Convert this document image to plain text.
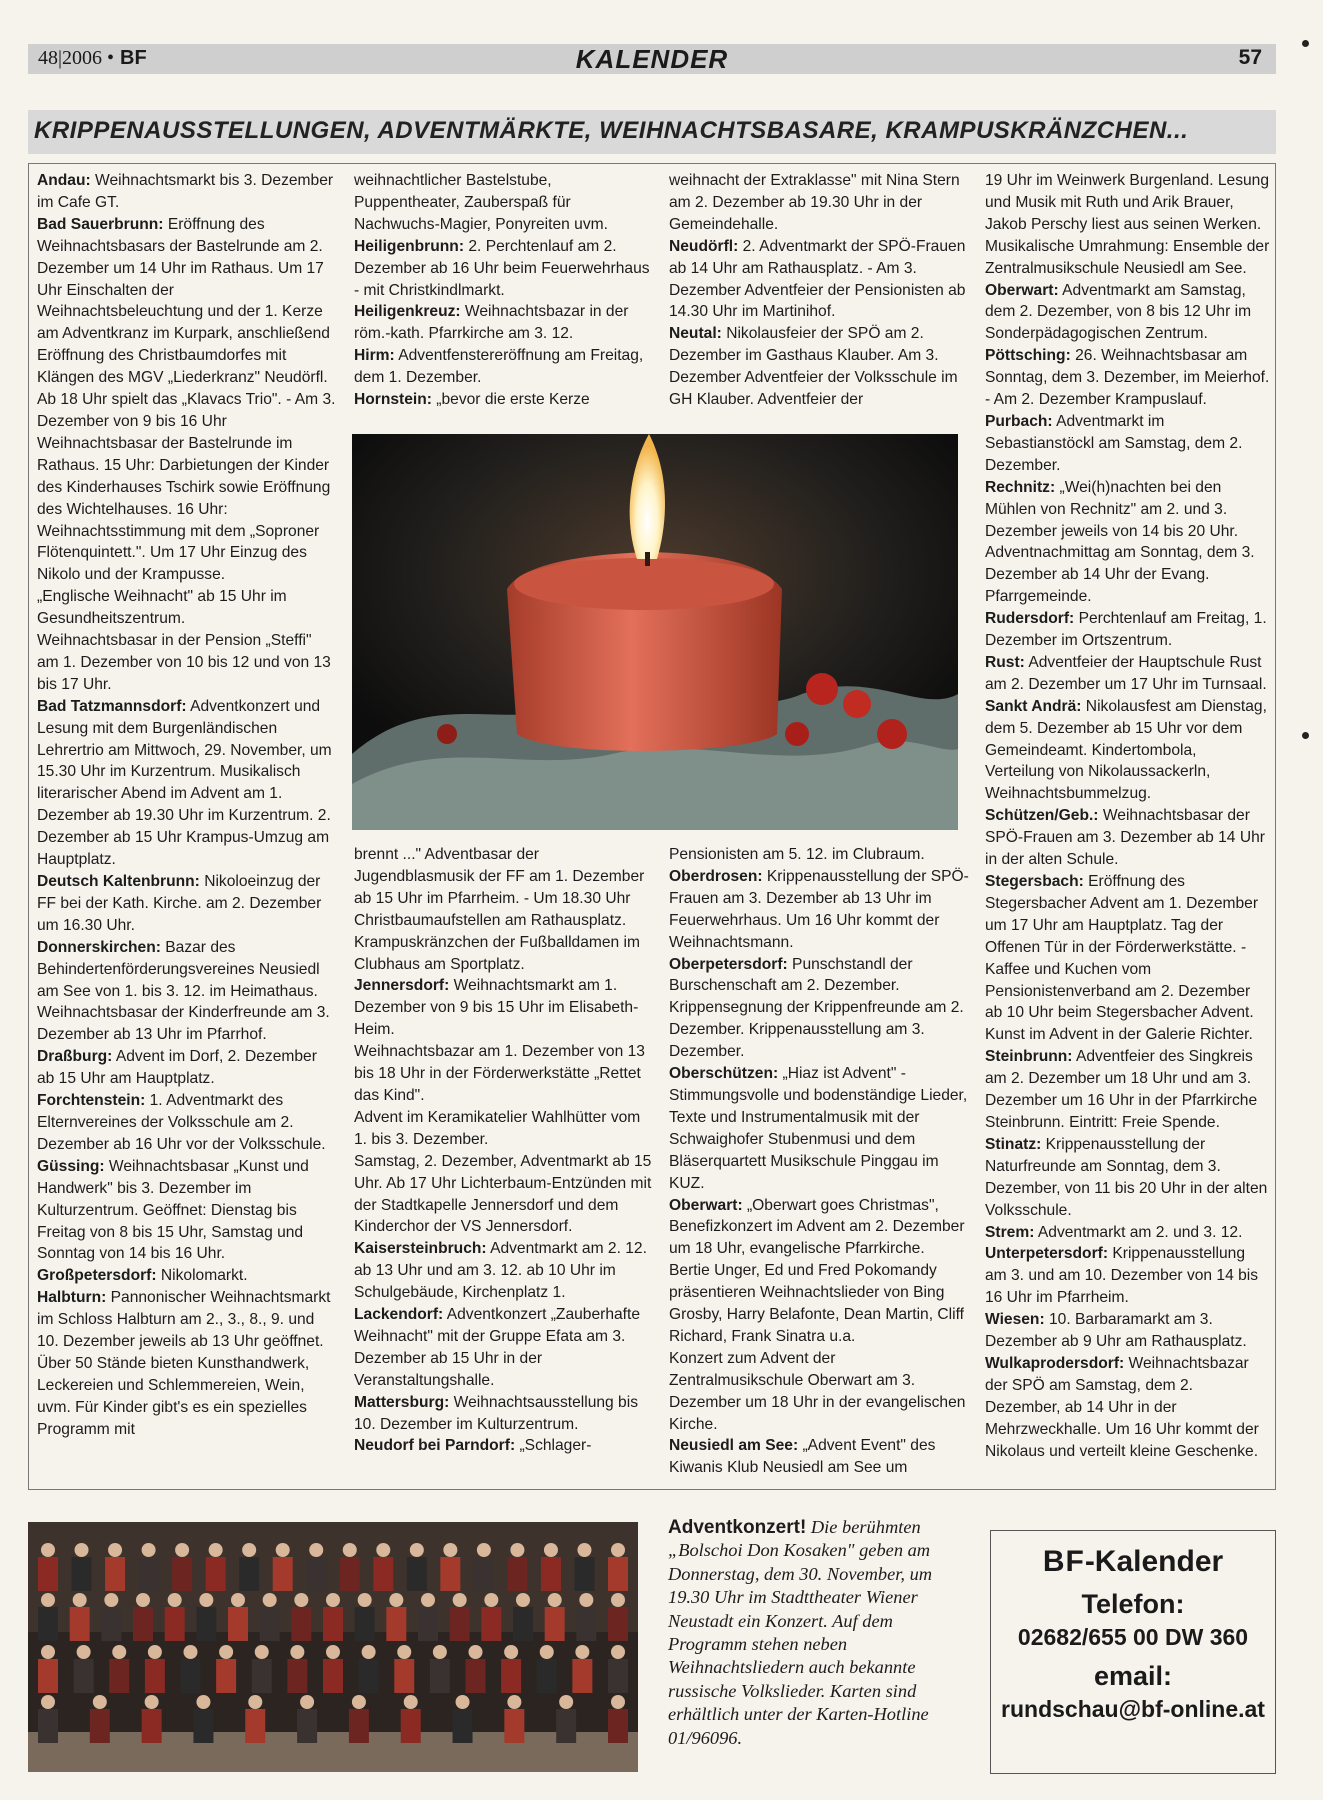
48|2006 • BF	KALENDER	57
KRIPPENAUSSTELLUNGEN, ADVENTMÄRKTE, WEIHNACHTSBASARE, KRAMPUSKRÄNZCHEN...

Andau: Weihnachtsmarkt bis 3. Dezember im Cafe GT.

Bad Sauerbrunn: Eröffnung des Weihnachtsbasars der Bastelrunde am 2. Dezember um 14 Uhr im Rathaus. Um 17 Uhr Einschalten der Weihnachtsbeleuchtung und der 1. Kerze am Adventkranz im Kurpark, anschließend Eröffnung des Christbaumdorfes mit Klängen des MGV „Liederkranz" Neudörfl. Ab 18 Uhr spielt das „Klavacs Trio". - Am 3. Dezember von 9 bis 16 Uhr Weihnachtsbasar der Bastelrunde im Rathaus. 15 Uhr: Darbietungen der Kinder des Kinderhauses Tschirk sowie Eröffnung des Wichtelhauses. 16 Uhr: Weihnachtsstimmung mit dem „Soproner Flötenquintett.". Um 17 Uhr Einzug des Nikolo und der Krampusse.

„Englische Weihnacht" ab 15 Uhr im Gesundheitszentrum.

Weihnachtsbasar in der Pension „Steffi" am 1. Dezember von 10 bis 12 und von 13 bis 17 Uhr.

Bad Tatzmannsdorf: Adventkonzert und Lesung mit dem Burgenländischen Lehrertrio am Mittwoch, 29. November, um 15.30 Uhr im Kurzentrum. Musikalisch literarischer Abend im Advent am 1. Dezember ab 19.30 Uhr im Kurzentrum. 2. Dezember ab 15 Uhr Krampus-Umzug am Hauptplatz.

Deutsch Kaltenbrunn: Nikoloeinzug der FF bei der Kath. Kirche. am 2. Dezember um 16.30 Uhr.

Donnerskirchen: Bazar des Behindertenförderungsvereines Neusiedl am See von 1. bis 3. 12. im Heimathaus. Weihnachtsbasar der Kinderfreunde am 3. Dezember ab 13 Uhr im Pfarrhof.

Draßburg: Advent im Dorf, 2. Dezember ab 15 Uhr am Hauptplatz.

Forchtenstein: 1. Adventmarkt des Elternvereines der Volksschule am 2. Dezember ab 16 Uhr vor der Volksschule.

Güssing: Weihnachtsbasar „Kunst und Handwerk" bis 3. Dezember im Kulturzentrum. Geöffnet: Dienstag bis Freitag von 8 bis 15 Uhr, Samstag und Sonntag von 14 bis 16 Uhr.

Großpetersdorf: Nikolomarkt.

Halbturn: Pannonischer Weihnachtsmarkt im Schloss Halbturn am 2., 3., 8., 9. und 10. Dezember jeweils ab 13 Uhr geöffnet. Über 50 Stände bieten Kunsthandwerk, Leckereien und Schlemmereien, Wein, uvm. Für Kinder gibt's es ein spezielles Programm mit

weihnachtlicher Bastelstube, Puppentheater, Zauberspaß für Nachwuchs-Magier, Ponyreiten uvm.

Heiligenbrunn: 2. Perchtenlauf am 2. Dezember ab 16 Uhr beim Feuerwehrhaus - mit Christkindlmarkt.

Heiligenkreuz: Weihnachtsbazar in der röm.-kath. Pfarrkirche am 3. 12.

Hirm: Adventfenstereröffnung am Freitag, dem 1. Dezember.

Hornstein: „bevor die erste Kerze

weihnacht der Extraklasse" mit Nina Stern am 2. Dezember ab 19.30 Uhr in der Gemeindehalle.

Neudörfl: 2. Adventmarkt der SPÖ-Frauen ab 14 Uhr am Rathausplatz. - Am 3. Dezember Adventfeier der Pensionisten ab 14.30 Uhr im Martinihof.

Neutal: Nikolausfeier der SPÖ am 2. Dezember im Gasthaus Klauber. Am 3. Dezember Adventfeier der Volksschule im GH Klauber. Adventfeier der

brennt ..." Adventbasar der Jugendblasmusik der FF am 1. Dezember ab 15 Uhr im Pfarrheim. - Um 18.30 Uhr Christbaumaufstellen am Rathausplatz. Krampuskränzchen der Fußballdamen im Clubhaus am Sportplatz.

Jennersdorf: Weihnachtsmarkt am 1. Dezember von 9 bis 15 Uhr im Elisabeth-Heim.

Weihnachtsbazar am 1. Dezember von 13 bis 18 Uhr in der Förderwerkstätte „Rettet das Kind".

Advent im Keramikatelier Wahlhütter vom 1. bis 3. Dezember.

Samstag, 2. Dezember, Adventmarkt ab 15 Uhr. Ab 17 Uhr Lichterbaum-Entzünden mit der Stadtkapelle Jennersdorf und dem Kinderchor der VS Jennersdorf.

Kaisersteinbruch: Adventmarkt am 2. 12. ab 13 Uhr und am 3. 12. ab 10 Uhr im Schulgebäude, Kirchenplatz 1.

Lackendorf: Adventkonzert „Zauberhafte Weihnacht" mit der Gruppe Efata am 3. Dezember ab 15 Uhr in der Veranstaltungshalle.

Mattersburg: Weihnachtsausstellung bis 10. Dezember im Kulturzentrum.

Neudorf bei Parndorf: „Schlager-

Pensionisten am 5. 12. im Clubraum.

Oberdrosen: Krippenausstellung der SPÖ-Frauen am 3. Dezember ab 13 Uhr im Feuerwehrhaus. Um 16 Uhr kommt der Weihnachtsmann.

Oberpetersdorf: Punschstandl der Burschenschaft am 2. Dezember. Krippensegnung der Krippenfreunde am 2. Dezember. Krippenausstellung am 3. Dezember.

Oberschützen: „Hiaz ist Advent" - Stimmungsvolle und bodenständige Lieder, Texte und Instrumentalmusik mit der Schwaighofer Stubenmusi und dem Bläserquartett Musikschule Pinggau im KUZ.

Oberwart: „Oberwart goes Christmas", Benefizkonzert im Advent am 2. Dezember um 18 Uhr, evangelische Pfarrkirche. Bertie Unger, Ed und Fred Pokomandy präsentieren Weihnachtslieder von Bing Grosby, Harry Belafonte, Dean Martin, Cliff Richard, Frank Sinatra u.a.

Konzert zum Advent der Zentralmusikschule Oberwart am 3. Dezember um 18 Uhr in der evangelischen Kirche.

Neusiedl am See: „Advent Event" des Kiwanis Klub Neusiedl am See um

19 Uhr im Weinwerk Burgenland. Lesung und Musik mit Ruth und Arik Brauer, Jakob Perschy liest aus seinen Werken. Musikalische Umrahmung: Ensemble der Zentralmusikschule Neusiedl am See.

Oberwart: Adventmarkt am Samstag, dem 2. Dezember, von 8 bis 12 Uhr im Sonderpädagogischen Zentrum.

Pöttsching: 26. Weihnachtsbasar am Sonntag, dem 3. Dezember, im Meierhof. - Am 2. Dezember Krampuslauf.

Purbach: Adventmarkt im Sebastianstöckl am Samstag, dem 2. Dezember.

Rechnitz: „Wei(h)nachten bei den Mühlen von Rechnitz" am 2. und 3. Dezember jeweils von 14 bis 20 Uhr. Adventnachmittag am Sonntag, dem 3. Dezember ab 14 Uhr der Evang. Pfarrgemeinde.

Rudersdorf: Perchtenlauf am Freitag, 1. Dezember im Ortszentrum.

Rust: Adventfeier der Hauptschule Rust am 2. Dezember um 17 Uhr im Turnsaal.

Sankt Andrä: Nikolausfest am Dienstag, dem 5. Dezember ab 15 Uhr vor dem Gemeindeamt. Kindertombola, Verteilung von Nikolaussackerln, Weihnachtsbummelzug.

Schützen/Geb.: Weihnachtsbasar der SPÖ-Frauen am 3. Dezember ab 14 Uhr in der alten Schule.

Stegersbach: Eröffnung des Stegersbacher Advent am 1. Dezember um 17 Uhr am Hauptplatz. Tag der Offenen Tür in der Förderwerkstätte. - Kaffee und Kuchen vom Pensionistenverband am 2. Dezember ab 10 Uhr beim Stegersbacher Advent. Kunst im Advent in der Galerie Richter.

Steinbrunn: Adventfeier des Singkreis am 2. Dezember um 18 Uhr und am 3. Dezember um 16 Uhr in der Pfarrkirche Steinbrunn. Eintritt: Freie Spende.

Stinatz: Krippenausstellung der Naturfreunde am Sonntag, dem 3. Dezember, von 11 bis 20 Uhr in der alten Volksschule.

Strem: Adventmarkt am 2. und 3. 12.

Unterpetersdorf: Krippenausstellung am 3. und am 10. Dezember von 14 bis 16 Uhr im Pfarrheim.

Wiesen: 10. Barbaramarkt am 3. Dezember ab 9 Uhr am Rathausplatz.

Wulkaprodersdorf: Weihnachtsbazar der SPÖ am Samstag, dem 2. Dezember, ab 14 Uhr in der Mehrzweckhalle. Um 16 Uhr kommt der Nikolaus und verteilt kleine Geschenke.

Adventkonzert! Die berühmten „Bolschoi Don Kosaken" geben am Donnerstag, dem 30. November, um 19.30 Uhr im Stadttheater Wiener Neustadt ein Konzert. Auf dem Programm stehen neben Weihnachtsliedern auch bekannte russische Volkslieder. Karten sind erhältlich unter der Karten-Hotline 01/96096.
BF-Kalender
Telefon:
02682/655 00 DW 360
email:
rundschau@bf-online.at
